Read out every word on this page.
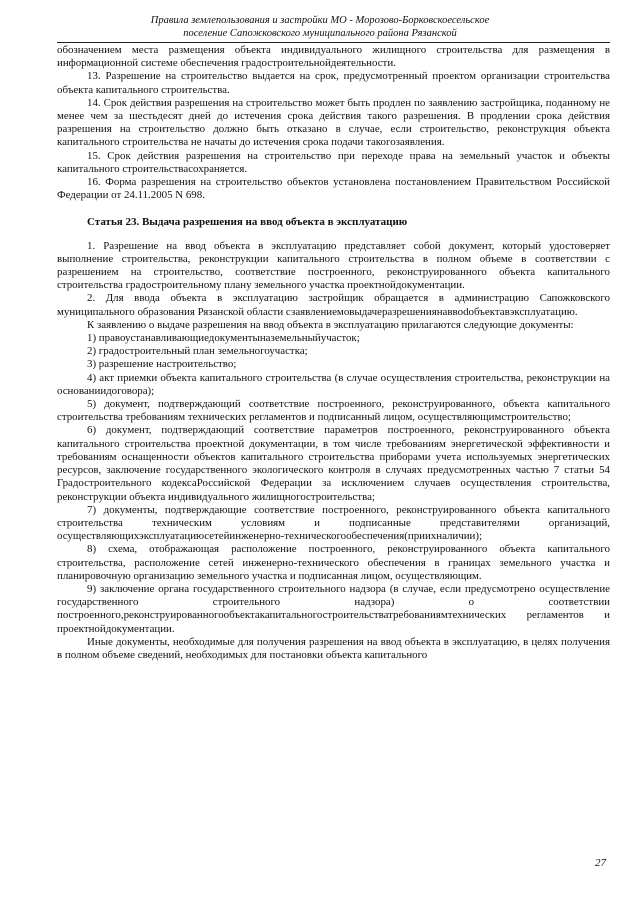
Правила землепользования и застройки МО - Морозово-Борковскоесельское
поселение Сапожковского муниципального района Рязанской

обозначением места размещения объекта индивидуального жилищного строительства для размещения в информационной системе обеспечения градостроительнойдеятельности.

13. Разрешение на строительство выдается на срок, предусмотренный проектом организации строительства объекта капитального строительства.

14. Срок действия разрешения на строительство может быть продлен по заявлению застройщика, поданному не менее чем за шестьдесят дней до истечения срока действия такого разрешения. В продлении срока действия разрешения на строительство должно быть отказано в случае, если строительство, реконструкция объекта капитального строительства не начаты до истечения срока подачи такогозаявления.

15. Срок действия разрешения на строительство при переходе права на земельный участок и объекты капитального строительствасохраняется.

16. Форма разрешения на строительство объектов установлена постановлением Правительством Российской Федерации от 24.11.2005 N 698.

Статья 23. Выдача разрешения на ввод объекта в эксплуатацию

1. Разрешение на ввод объекта в эксплуатацию представляет собой документ, который удостоверяет выполнение строительства, реконструкции капитального строительства в полном объеме в соответствии с разрешением на строительство, соответствие построенного, реконструированного объекта капитального строительства градостроительному плану земельного участка проектнойдокументации.

2. Для ввода объекта в эксплуатацию застройщик обращается в администрацию Сапожковского муниципального образования Рязанской области сзаявлениемовыдачеразрешениянаввodобъектавэксплуатацию.

К заявлению о выдаче разрешения на ввод объекта в эксплуатацию прилагаются следующие документы:

1) правоустанавливающиедокументыназемельныйучасток;

2) градостроительный план земельногоучастка;

3) разрешение настроительство;

4) акт приемки объекта капитального строительства (в случае осуществления строительства, реконструкции на основаниидоговора);

5) документ, подтверждающий соответствие построенного, реконструированного, объекта капитального строительства требованиям технических регламентов и подписанный лицом, осуществляющимстроительство;

6) документ, подтверждающий соответствие параметров построенного, реконструированного объекта капитального строительства проектной документации, в том числе требованиям энергетической эффективности и требованиям оснащенности объектов капитального строительства приборами учета используемых энергетических ресурсов, заключение государственного экологического контроля в случаях предусмотренных частью 7 статьи 54 Градостроительного кодексаРоссийской Федерации за исключением случаев осуществления строительства, реконструкции объекта индивидуального жилищногостроительства;

7) документы, подтверждающие соответствие построенного, реконструированного объекта капитального строительства техническим условиям и подписанные представителями организаций, осуществляющихэксплуатациюсетейинженерно-техническогообеспечения(приихналичии);

8) схема, отображающая расположение построенного, реконструированного объекта капитального строительства, расположение сетей инженерно-технического обеспечения в границах земельного участка и планировочную организацию земельного участка и подписанная лицом, осуществляющим.

9) заключение органа государственного строительного надзора (в случае, если предусмотрено осуществление государственного строительного надзора) о соответствии построенного,реконструированногообъектакапитальногостроительстватребованиямтехнических регламентов и проектнойдокументации.

Иные документы, необходимые для получения разрешения на ввод объекта в эксплуатацию, в целях получения в полном объеме сведений, необходимых для постановки объекта капитального

27
